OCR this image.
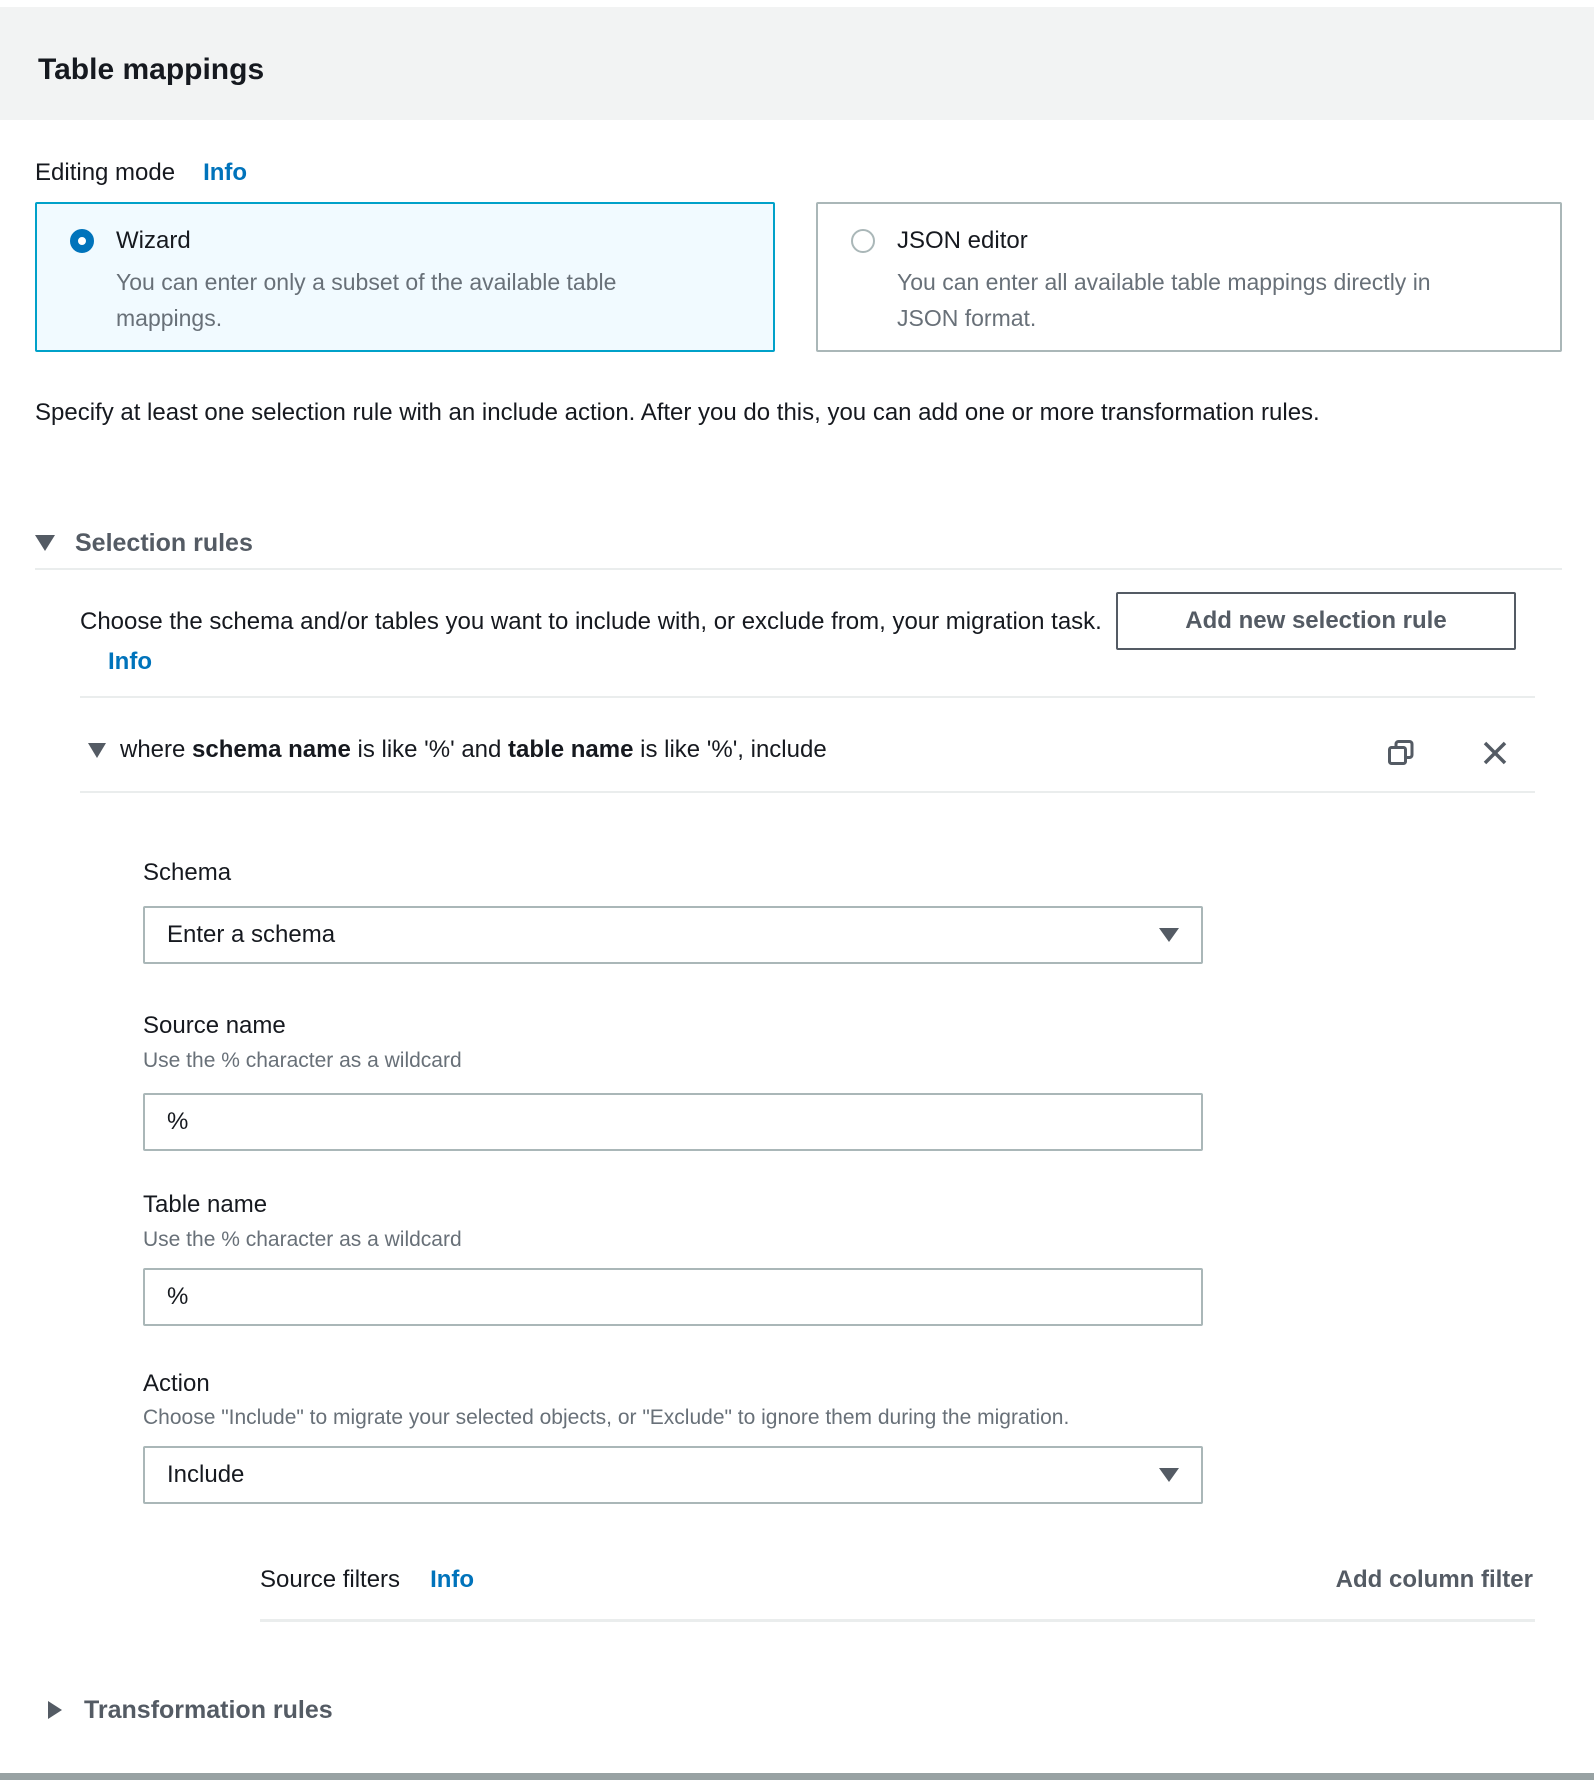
Table mappings
Editing mode Info
Wizard
You can enter only a subset of the available table mappings.
JSON editor
You can enter all available table mappings directly in JSON format.
Specify at least one selection rule with an include action. After you do this, you can add one or more transformation rules.
Selection rules
Choose the schema and/or tables you want to include with, or exclude from, your migration task. Info
Add new selection rule
where schema name is like '%' and table name is like '%', include
Schema
Enter a schema
Source name
Use the % character as a wildcard
%
Table name
Use the % character as a wildcard
%
Action
Choose "Include" to migrate your selected objects, or "Exclude" to ignore them during the migration.
Include
Source filters Info	Add column filter
Transformation rules
